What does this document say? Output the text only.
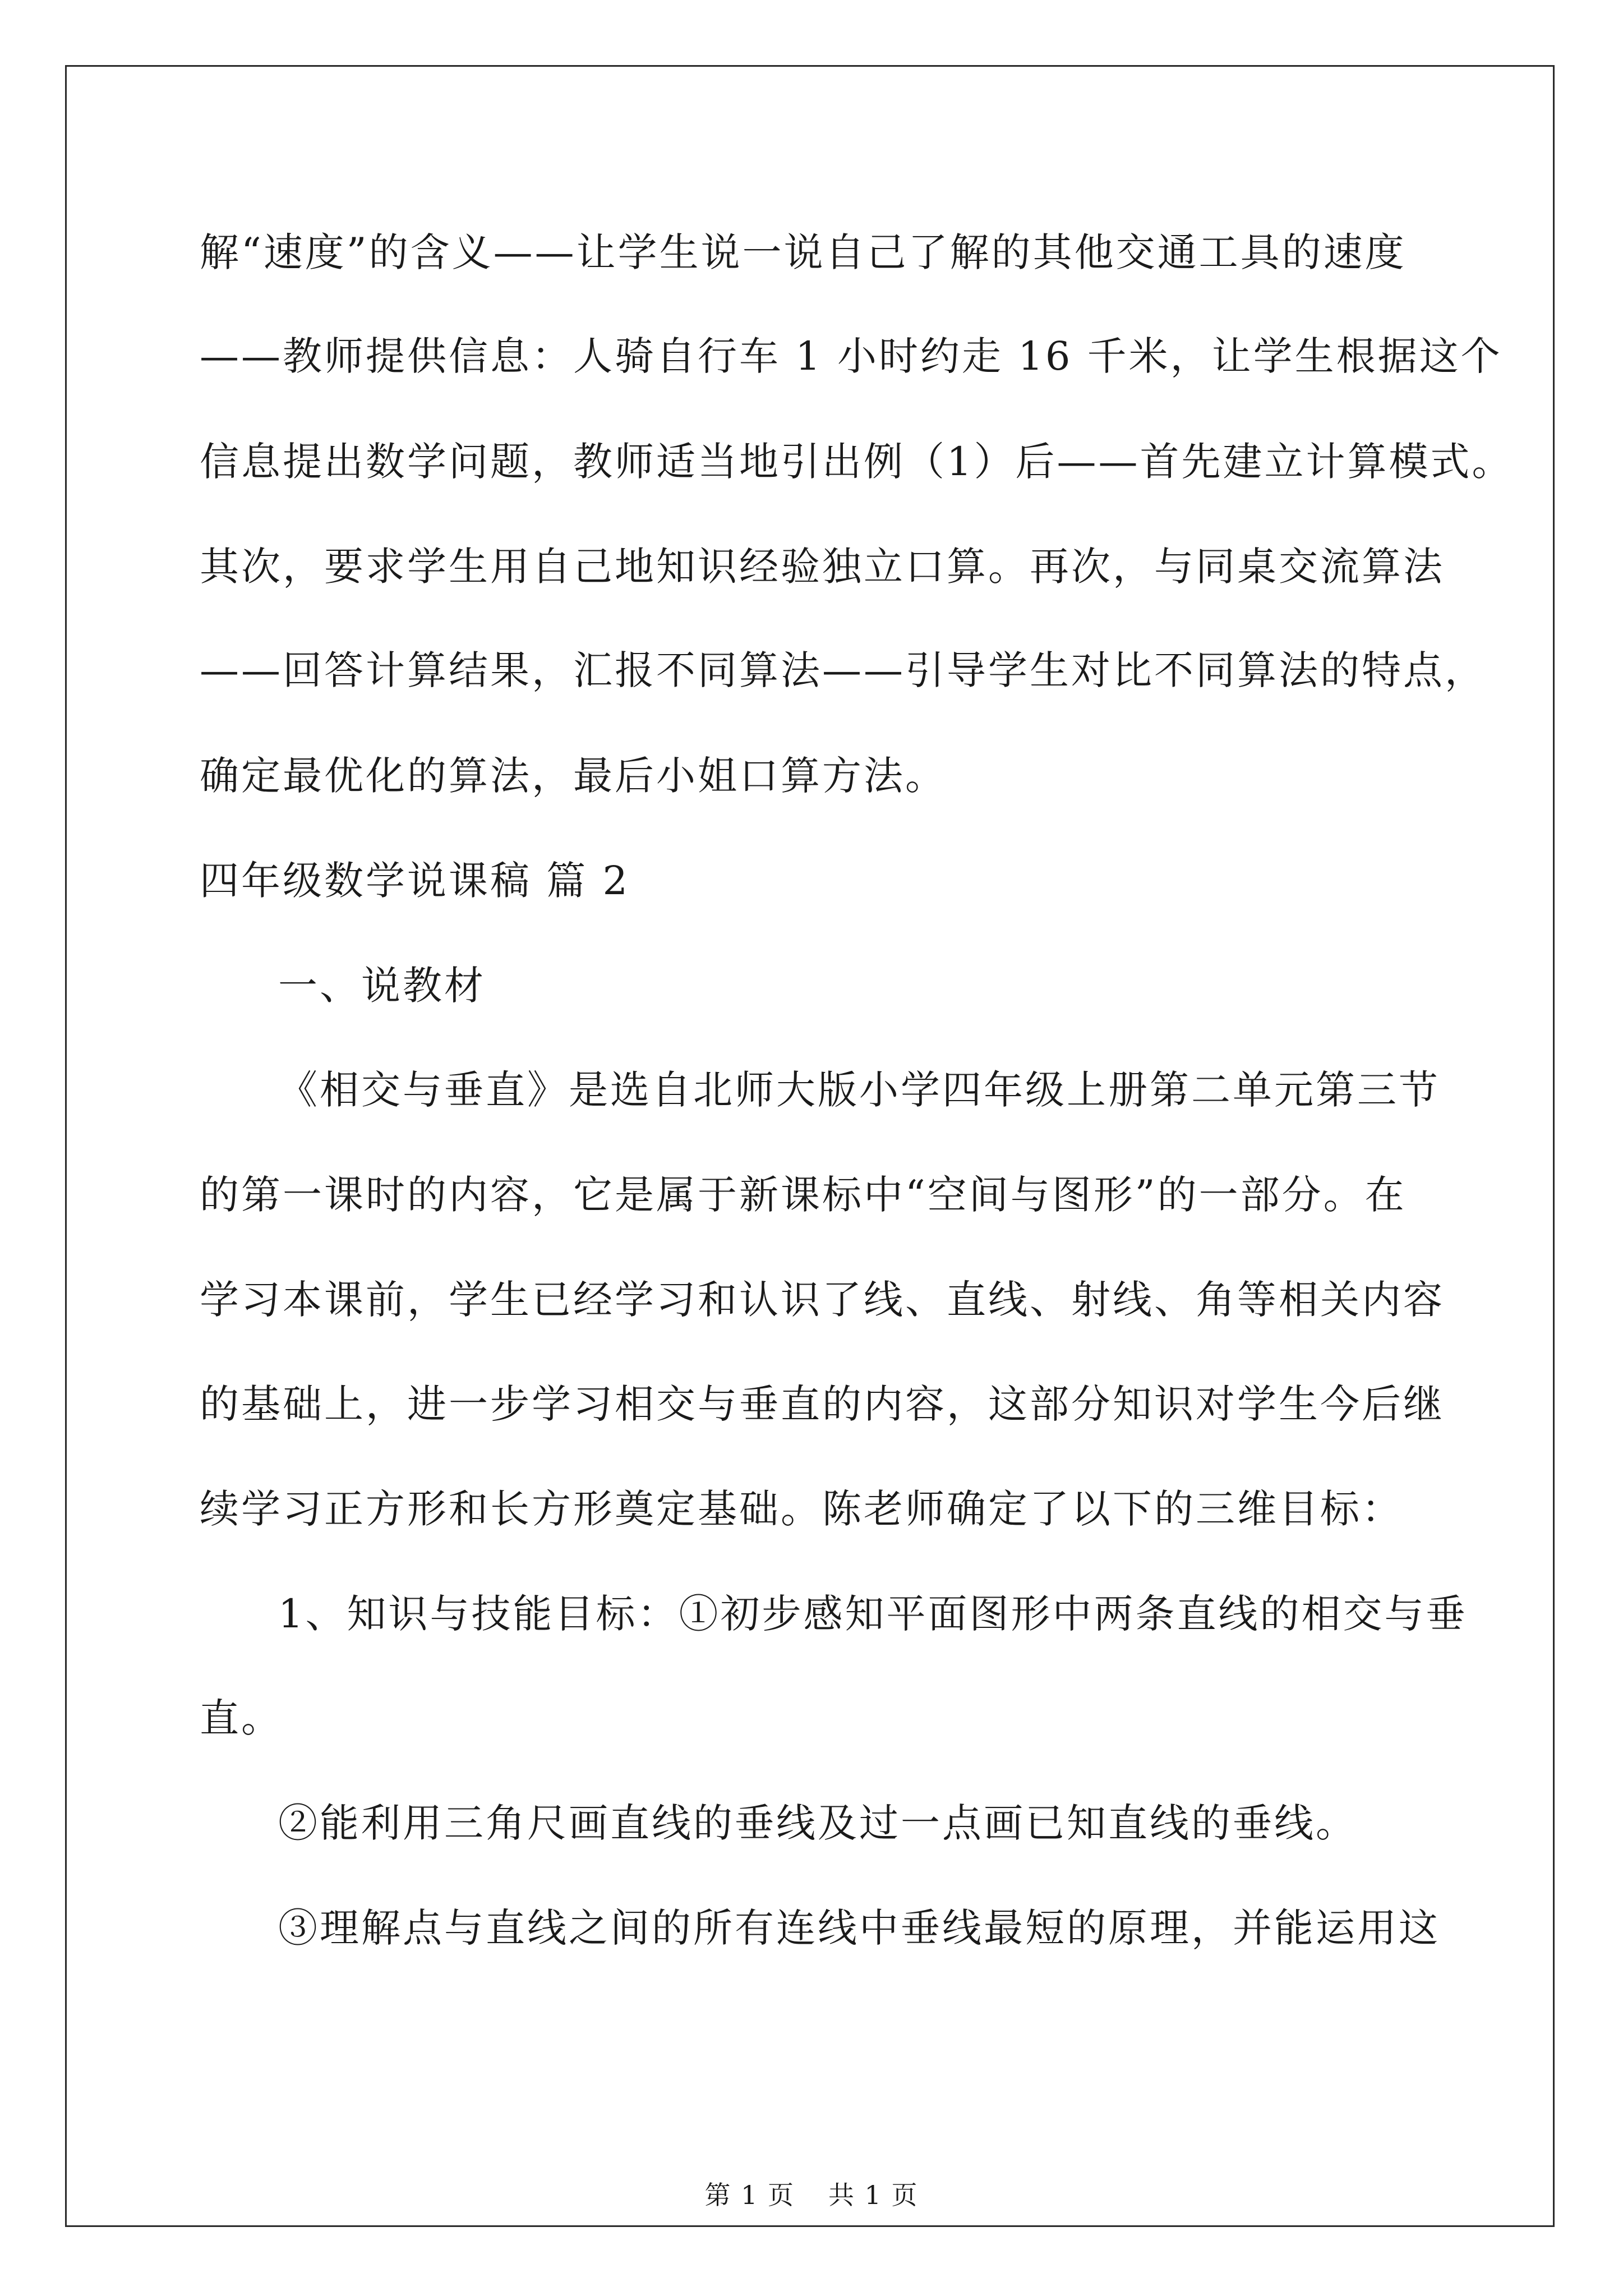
解“速度”的含义——让学生说一说自己了解的其他交通工具的速度
——教师提供信息：人骑自行车 1 小时约走 16 千米，让学生根据这个
信息提出数学问题，教师适当地引出例（1）后——首先建立计算模式。
其次，要求学生用自己地知识经验独立口算。再次，与同桌交流算法
——回答计算结果，汇报不同算法——引导学生对比不同算法的特点，
确定最优化的算法，最后小姐口算方法。
四年级数学说课稿 篇 2
一、说教材
《相交与垂直》是选自北师大版小学四年级上册第二单元第三节
的第一课时的内容，它是属于新课标中“空间与图形”的一部分。在
学习本课前，学生已经学习和认识了线、直线、射线、角等相关内容
的基础上，进一步学习相交与垂直的内容，这部分知识对学生今后继
续学习正方形和长方形奠定基础。陈老师确定了以下的三维目标：
1、知识与技能目标：①初步感知平面图形中两条直线的相交与垂
直。
②能利用三角尺画直线的垂线及过一点画已知直线的垂线。
③理解点与直线之间的所有连线中垂线最短的原理，并能运用这
第 1 页 共 1 页
